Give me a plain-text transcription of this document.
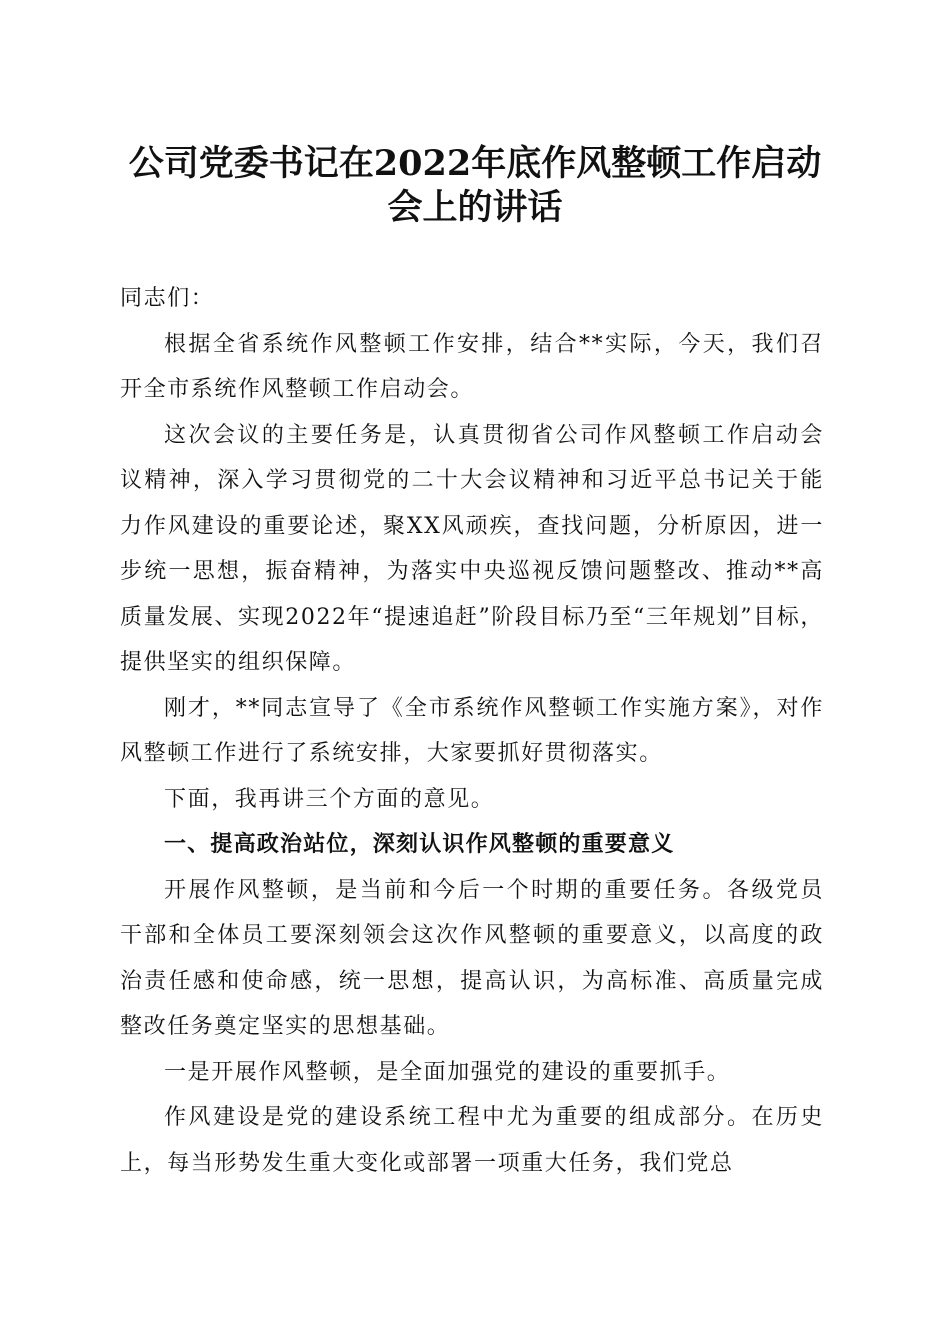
公司党委书记在2022年底作风整顿工作启动
会上的讲话

同志们：

根据全省系统作风整顿工作安排，结合**实际，今天，我们召开全市系统作风整顿工作启动会。

这次会议的主要任务是，认真贯彻省公司作风整顿工作启动会议精神，深入学习贯彻党的二十大会议精神和习近平总书记关于能力作风建设的重要论述，聚XX风顽疾，查找问题，分析原因，进一步统一思想，振奋精神，为落实中央巡视反馈问题整改、推动**高质量发展、实现2022年“提速追赶”阶段目标乃至“三年规划”目标，提供坚实的组织保障。

刚才，**同志宣导了《全市系统作风整顿工作实施方案》，对作风整顿工作进行了系统安排，大家要抓好贯彻落实。

下面，我再讲三个方面的意见。

一、提高政治站位，深刻认识作风整顿的重要意义

开展作风整顿，是当前和今后一个时期的重要任务。各级党员干部和全体员工要深刻领会这次作风整顿的重要意义，以高度的政治责任感和使命感，统一思想，提高认识，为高标准、高质量完成整改任务奠定坚实的思想基础。

一是开展作风整顿，是全面加强党的建设的重要抓手。

作风建设是党的建设系统工程中尤为重要的组成部分。在历史上，每当形势发生重大变化或部署一项重大任务，我们党总
